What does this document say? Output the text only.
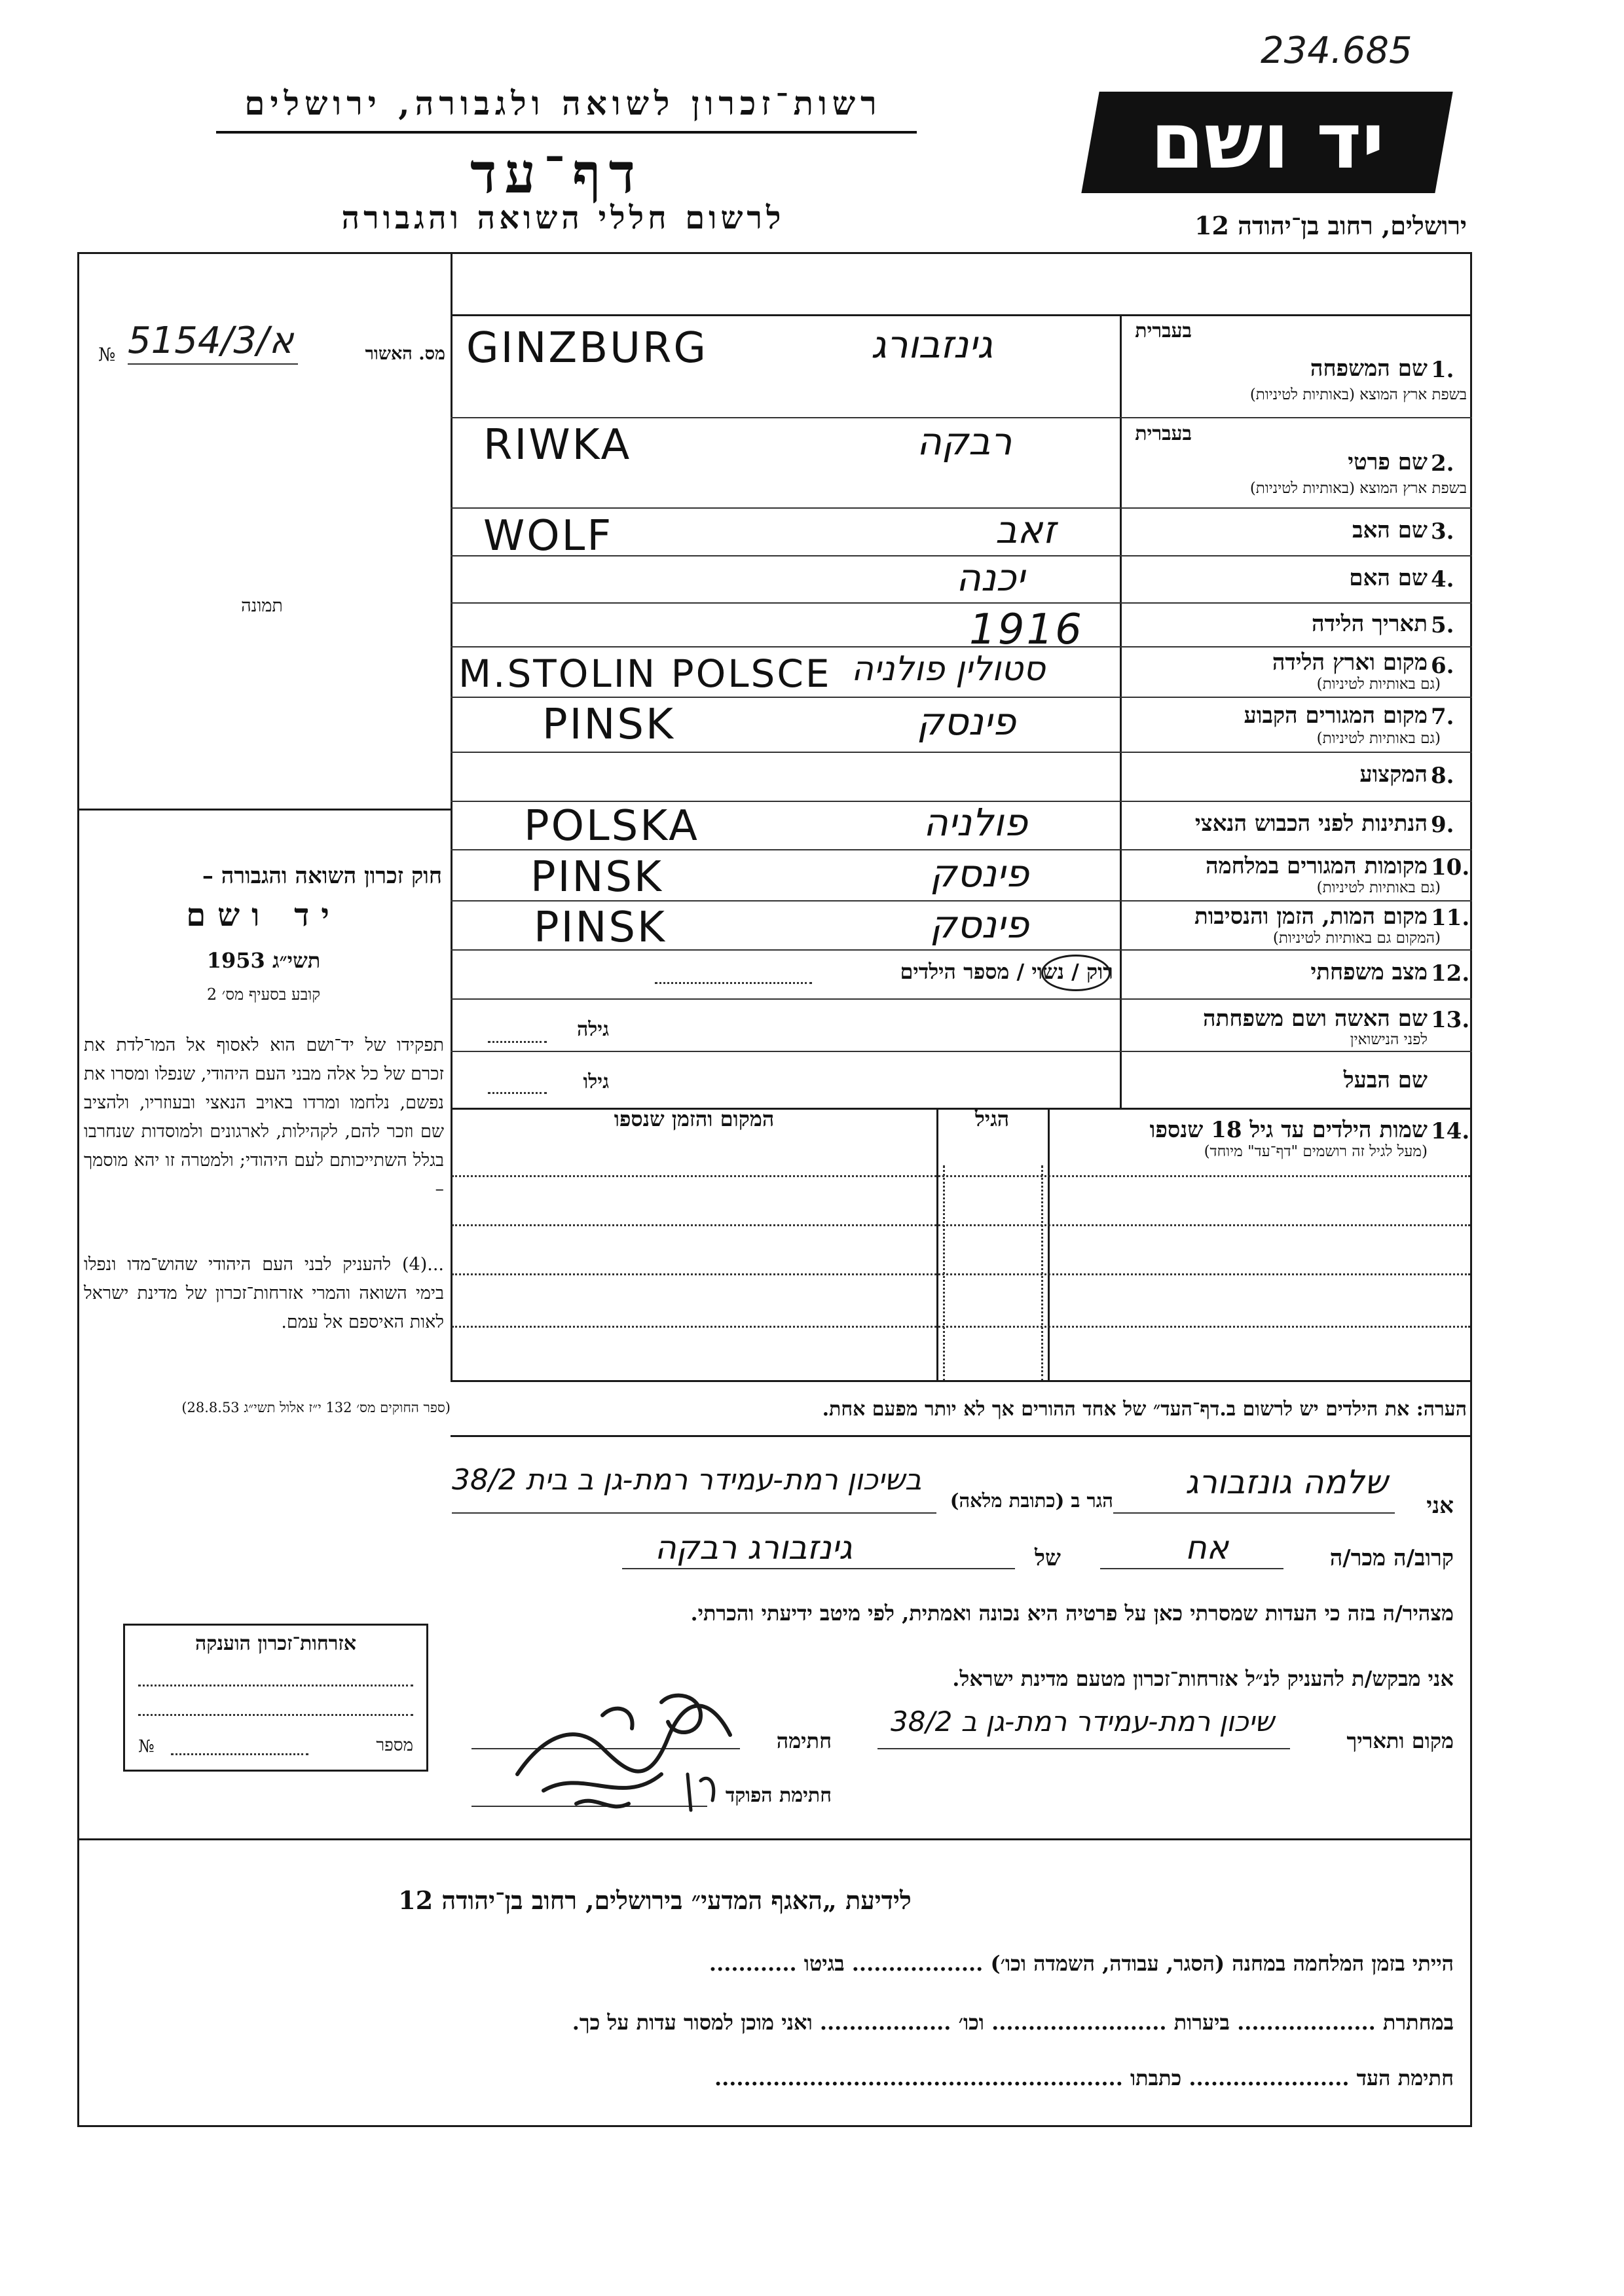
234.685
רשות־זכרון לשואה ולגבורה, ירושלים
דף־עד
לרשום חללי השואה והגבורה
יד ושם
ירושלים, רחוב בן־יהודה 12
№ א/5154/3	מס. האשור
תמונה
חוק זכרון השואה והגבורה –
יד ושם
תשי״ג 1953
קובע בסעיף מס׳ 2
תפקידו של יד־ושם הוא לאסוף אל המו־לדת את זכרם של כל אלה מבני העם היהודי, שנפלו ומסרו את נפשם, נלחמו ומרדו באויב הנאצי ובעוזריו, ולהציב שם וזכר להם, לקהילות, לארגונים ולמוסדות שנחרבו בגלל השתייכותם לעם היהודי; ולמטרה זו יהא מוסמך –
...(4) להעניק לבני העם היהודי שהוש־מדו ונפלו בימי השואה והמרי אזרחות־זכרון של מדינת ישראל לאות האיספם אל עמם.
(ספר החוקים מס׳ 132 י״ז אלול תשי״ג 28.8.53)
בעברית
בעברית
1.
שם המשפחה
בשפת ארץ המוצא (באותיות לטיניות)
2.
שם פרטי
בשפת ארץ המוצא (באותיות לטיניות)
3.
שם האב
4.
שם האם
5.
תאריך הלידה
6.
מקום וארץ הלידה
(גם באותיות לטיניות)
7.
מקום המגורים הקבוע
(גם באותיות לטיניות)
8.
המקצוע
9.
הנתינות לפני הכבוש הנאצי
10.
מקומות המגורים במלחמה
(גם באותיות לטיניות)
11.
מקום המות, הזמן והנסיבות
(המקום גם באותיות לטיניות)
12.
מצב משפחתי
רוק / נשוי / מספר הילדים
13.
שם האשה ושם משפחתה
לפני הנישואין
גילה
שם הבעל
גילו
14.
שמות הילדים עד גיל 18 שנספו
(מעל לגיל זה רושמים "דף־עד" מיוחד)
הגיל
המקום והזמן שנספו
הערה: את הילדים יש לרשום ב.דף־העד״ של אחד ההורים אך לא יותר מפעם אחת.
GINZBURG
RIWKA
WOLF
1916
M.STOLIN POLSCE
PINSK
POLSKA
PINSK
PINSK
גינזבורג
רבקה
זאב
יכנה
סטולין פולניה
פינסק
פולניה
פינסק
פינסק
אני
שלמה גונזבורג
הגר ב (כתובת מלאה)
בשיכון רמת-עמידר רמת-גן ב בית 38/2
קרוב/ה מכר/ה
אח
של
גינזבורג רבקה
מצהיר/ה בזה כי העדות שמסרתי כאן על פרטיה היא נכונה ואמתית, לפי מיטב ידיעתי והכרתי.
אני מבקש/ת להעניק לנ״ל אזרחות־זכרון מטעם מדינת ישראל.
מקום ותאריך
שיכון רמת-עמידר רמת-גן ב 38/2
חתימה
חתימת הפוקד
אזרחות־זכרון הוענקה
№	מספר
לידיעת „האגף המדעי״ בירושלים, רחוב בן־יהודה 12
הייתי בזמן המלחמה במחנה (הסגר, עבודה, השמדה וכו׳) .................. בגיטו ............
במחתרת ................... ביערות ........................ וכו׳ .................. ואני מוכן למסור עדות על כך.
חתימת העד ...................... כתבתו ........................................................
